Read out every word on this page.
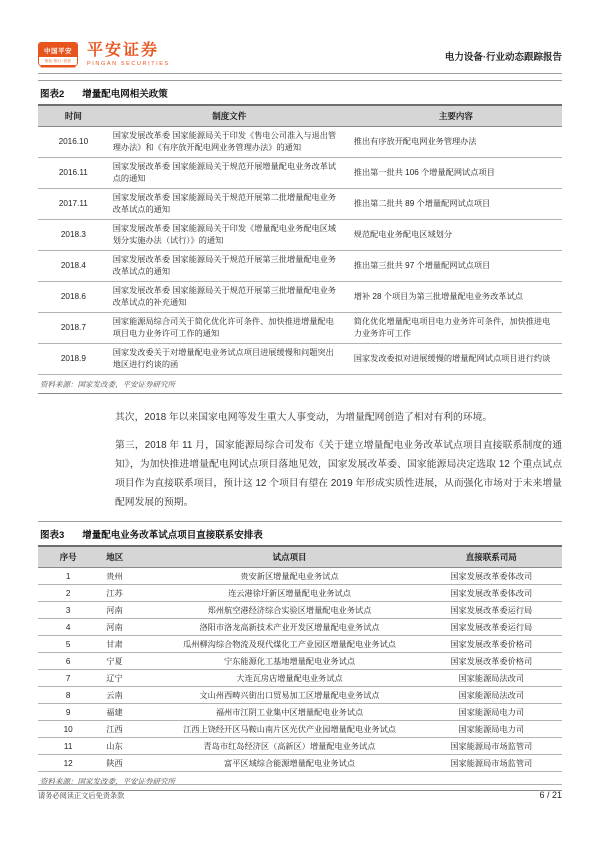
中国平安
保险·银行·投资
平安证券
PINGAN SECURITIES
电力设备·行业动态跟踪报告
图表2 增量配电网相关政策
时间	制度文件	主要内容
2016.10	国家发展改革委 国家能源局关于印发《售电公司准入与退出管理办法》和《有序放开配电网业务管理办法》的通知	推出有序放开配电网业务管理办法
2016.11	国家发展改革委 国家能源局关于规范开展增量配电业务改革试点的通知	推出第一批共 106 个增量配网试点项目
2017.11	国家发展改革委 国家能源局关于规范开展第二批增量配电业务改革试点的通知	推出第二批共 89 个增量配网试点项目
2018.3	国家发展改革委 国家能源局关于印发《增量配电业务配电区域划分实施办法（试行）》的通知	规范配电业务配电区域划分
2018.4	国家发展改革委 国家能源局关于规范开展第三批增量配电业务改革试点的通知	推出第三批共 97 个增量配网试点项目
2018.6	国家发展改革委 国家能源局关于规范开展第三批增量配电业务改革试点的补充通知	增补 28 个项目为第三批增量配电业务改革试点
2018.7	国家能源局综合司关于简化优化许可条件、加快推进增量配电项目电力业务许可工作的通知	简化优化增量配电项目电力业务许可条件，加快推进电力业务许可工作
2018.9	国家发改委关于对增量配电业务试点项目进展缓慢和问题突出地区进行约谈的函	国家发改委拟对进展缓慢的增量配网试点项目进行约谈
资料来源：国家发改委，平安证券研究所

其次，2018 年以来国家电网等发生重大人事变动，为增量配网创造了相对有利的环境。

第三，2018 年 11 月，国家能源局综合司发布《关于建立增量配电业务改革试点项目直接联系制度的通知》，为加快推进增量配电网试点项目落地见效，国家发展改革委、国家能源局决定选取 12 个重点试点项目作为直接联系项目，预计这 12 个项目有望在 2019 年形成实质性进展，从而强化市场对于未来增量配网发展的预期。

图表3 增量配电业务改革试点项目直接联系安排表
序号	地区	试点项目	直接联系司局
1	贵州	贵安新区增量配电业务试点	国家发展改革委体改司
2	江苏	连云港徐圩新区增量配电业务试点	国家发展改革委体改司
3	河南	郑州航空港经济综合实验区增量配电业务试点	国家发展改革委运行局
4	河南	洛阳市洛龙高新技术产业开发区增量配电业务试点	国家发展改革委运行局
5	甘肃	瓜州柳沟综合物流及现代煤化工产业园区增量配电业务试点	国家发展改革委价格司
6	宁夏	宁东能源化工基地增量配电业务试点	国家发展改革委价格司
7	辽宁	大连瓦房店增量配电业务试点	国家能源局法改司
8	云南	文山州西畴兴街出口贸易加工区增量配电业务试点	国家能源局法改司
9	福建	福州市江阴工业集中区增量配电业务试点	国家能源局电力司
10	江西	江西上饶经开区马鞍山南片区光伏产业园增量配电业务试点	国家能源局电力司
11	山东	青岛市红岛经济区（高新区）增量配电业务试点	国家能源局市场监管司
12	陕西	富平区域综合能源增量配电业务试点	国家能源局市场监管司
资料来源：国家发改委，平安证券研究所
请务必阅读正文后免责条款	6 / 21
